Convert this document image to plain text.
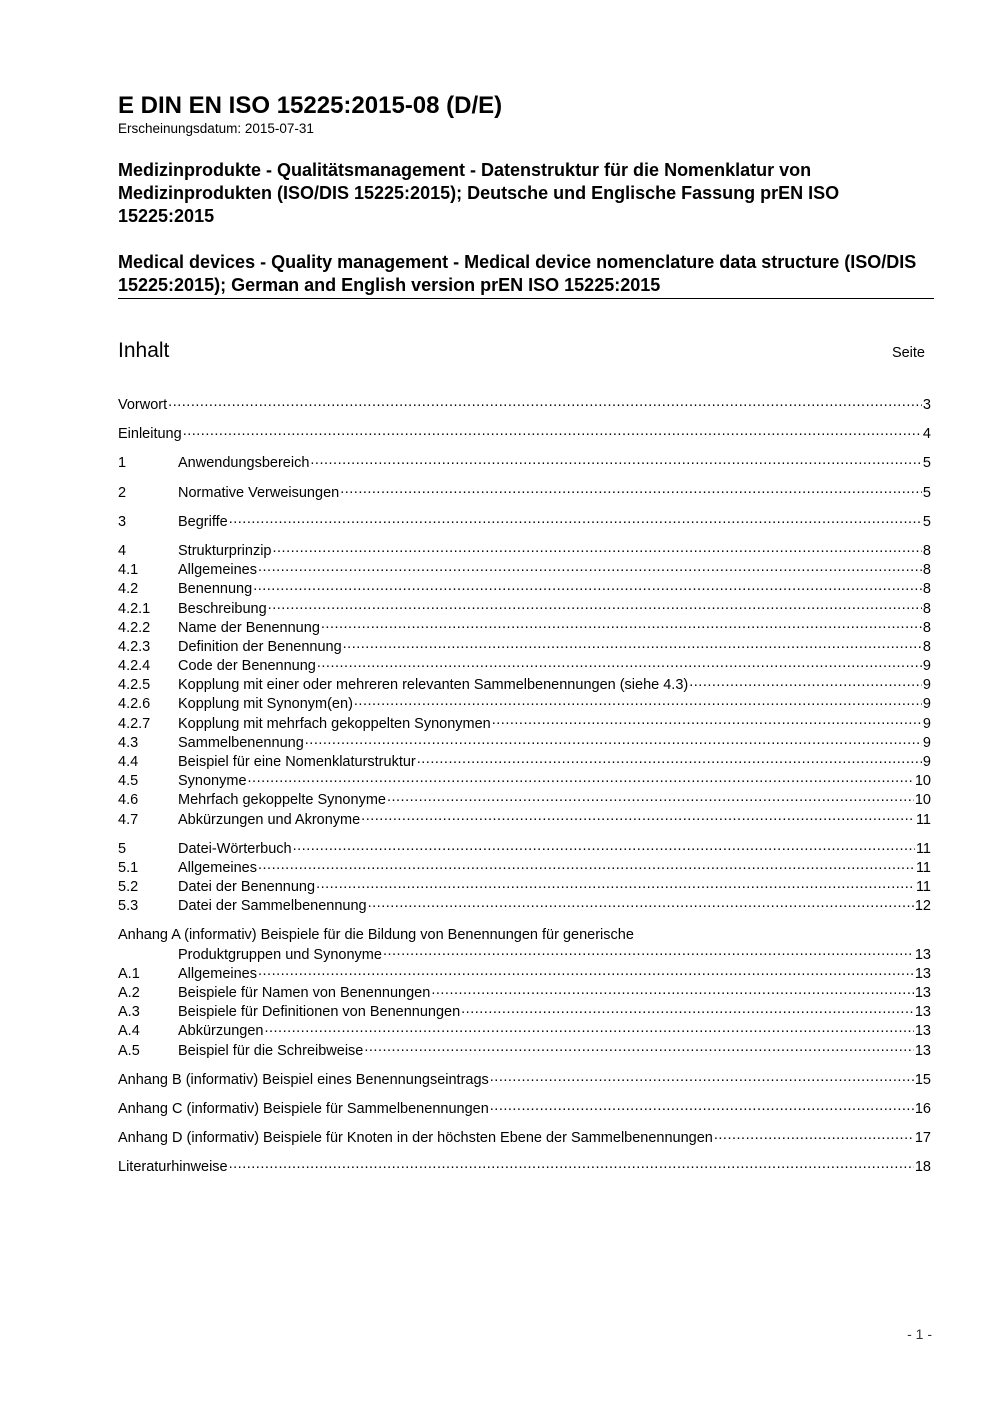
E DIN EN ISO 15225:2015-08 (D/E)
Erscheinungsdatum: 2015-07-31
Medizinprodukte - Qualitätsmanagement - Datenstruktur für die Nomenklatur von Medizinprodukten (ISO/DIS 15225:2015); Deutsche und Englische Fassung prEN ISO 15225:2015
Medical devices - Quality management - Medical device nomenclature data structure (ISO/DIS 15225:2015); German and English version prEN ISO 15225:2015
Inhalt	Seite
Vorwort .....	3
Einleitung .....	4
1	Anwendungsbereich .....	5
2	Normative Verweisungen .....	5
3	Begriffe .....	5
4	Strukturprinzip .....	8
4.1	Allgemeines .....	8
4.2	Benennung .....	8
4.2.1	Beschreibung .....	8
4.2.2	Name der Benennung .....	8
4.2.3	Definition der Benennung .....	8
4.2.4	Code der Benennung .....	9
4.2.5	Kopplung mit einer oder mehreren relevanten Sammelbenennungen (siehe 4.3) .....	9
4.2.6	Kopplung mit Synonym(en) .....	9
4.2.7	Kopplung mit mehrfach gekoppelten Synonymen .....	9
4.3	Sammelbenennung .....	9
4.4	Beispiel für eine Nomenklaturstruktur .....	9
4.5	Synonyme .....	10
4.6	Mehrfach gekoppelte Synonyme .....	10
4.7	Abkürzungen und Akronyme .....	11
5	Datei-Wörterbuch .....	11
5.1	Allgemeines .....	11
5.2	Datei der Benennung .....	11
5.3	Datei der Sammelbenennung .....	12
Anhang A (informativ) Beispiele für die Bildung von Benennungen für generische
Produktgruppen und Synonyme .....	13
A.1	Allgemeines .....	13
A.2	Beispiele für Namen von Benennungen .....	13
A.3	Beispiele für Definitionen von Benennungen .....	13
A.4	Abkürzungen .....	13
A.5	Beispiel für die Schreibweise .....	13
Anhang B (informativ) Beispiel eines Benennungseintrags .....	15
Anhang C (informativ) Beispiele für Sammelbenennungen .....	16
Anhang D (informativ) Beispiele für Knoten in der höchsten Ebene der Sammelbenennungen .....	17
Literaturhinweise .....	18
- 1 -
